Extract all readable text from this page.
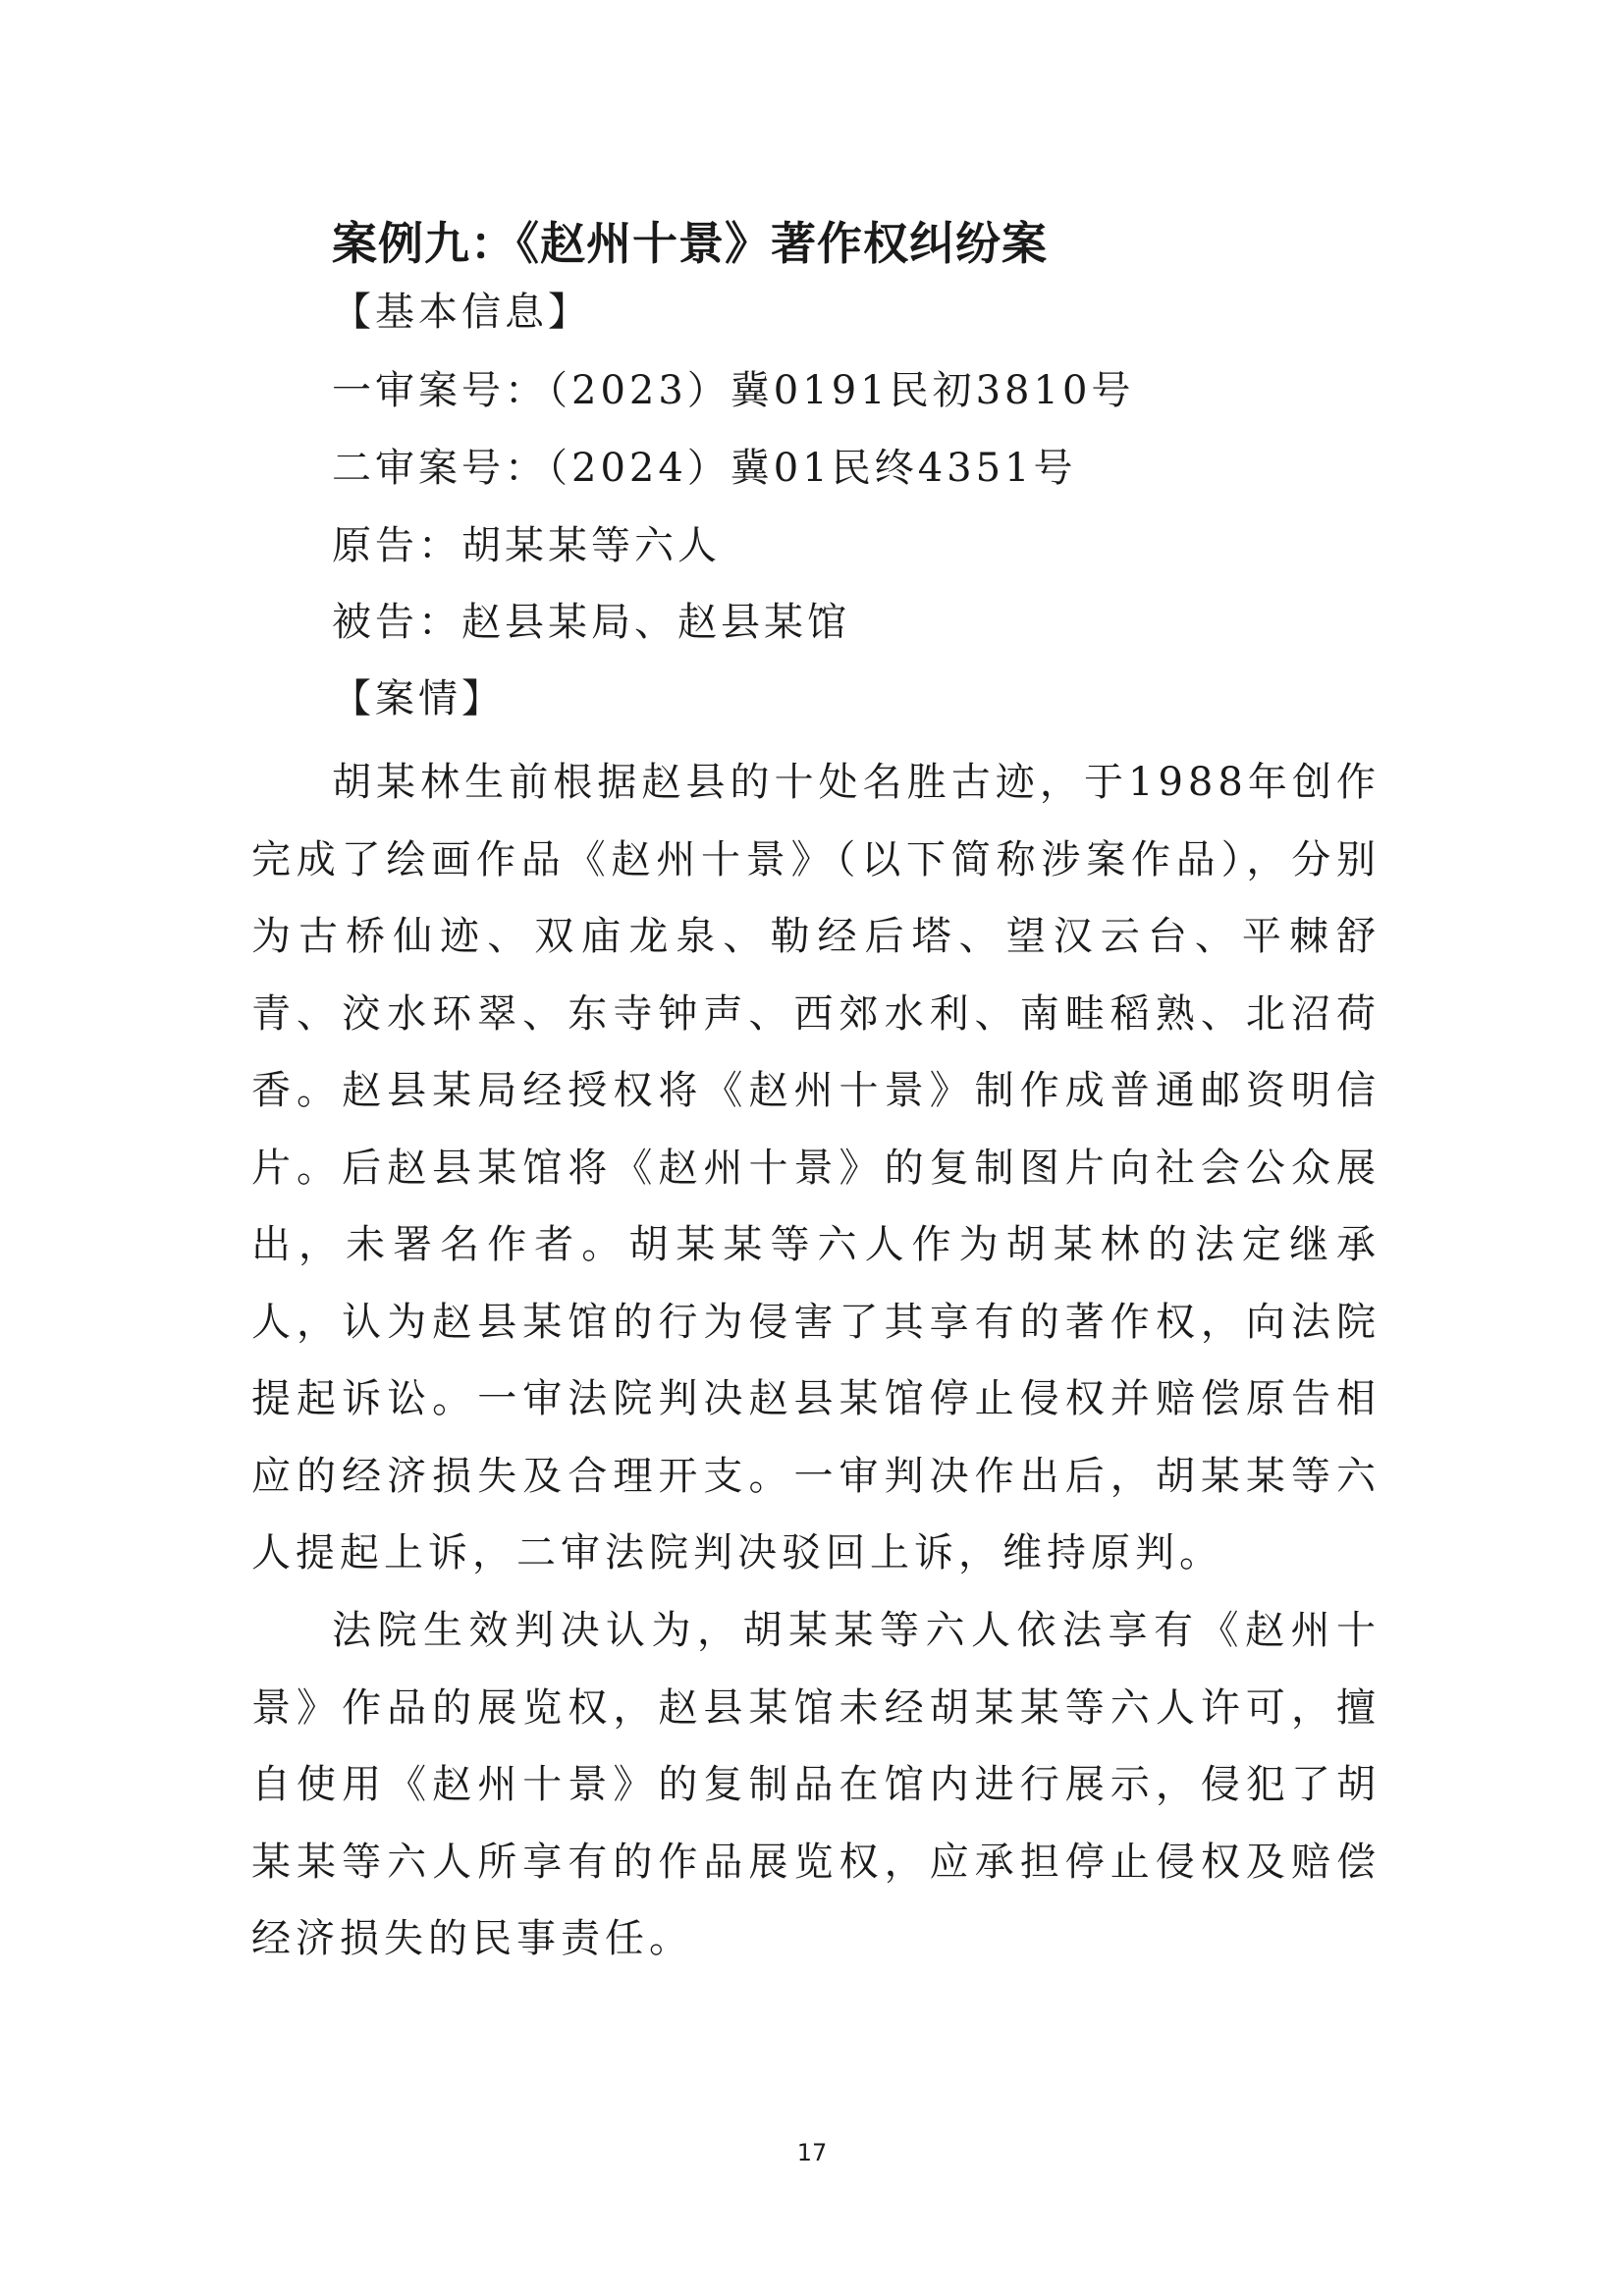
案例九：《赵州十景》著作权纠纷案
【基本信息】
一审案号：（2023）冀0191民初3810号
二审案号：（2024）冀01民终4351号
原告：胡某某等六人
被告：赵县某局、赵县某馆
【案情】
胡某林生前根据赵县的十处名胜古迹，于1988年创作完成了绘画作品《赵州十景》（以下简称涉案作品），分别为古桥仙迹、双庙龙泉、勒经后塔、望汉云台、平棘舒青、洨水环翠、东寺钟声、西郊水利、南畦稻熟、北沼荷香。赵县某局经授权将《赵州十景》制作成普通邮资明信片。后赵县某馆将《赵州十景》的复制图片向社会公众展出，未署名作者。胡某某等六人作为胡某林的法定继承人，认为赵县某馆的行为侵害了其享有的著作权，向法院提起诉讼。一审法院判决赵县某馆停止侵权并赔偿原告相应的经济损失及合理开支。一审判决作出后，胡某某等六人提起上诉，二审法院判决驳回上诉，维持原判。
法院生效判决认为，胡某某等六人依法享有《赵州十景》作品的展览权，赵县某馆未经胡某某等六人许可，擅自使用《赵州十景》的复制品在馆内进行展示，侵犯了胡某某等六人所享有的作品展览权，应承担停止侵权及赔偿经济损失的民事责任。
17
